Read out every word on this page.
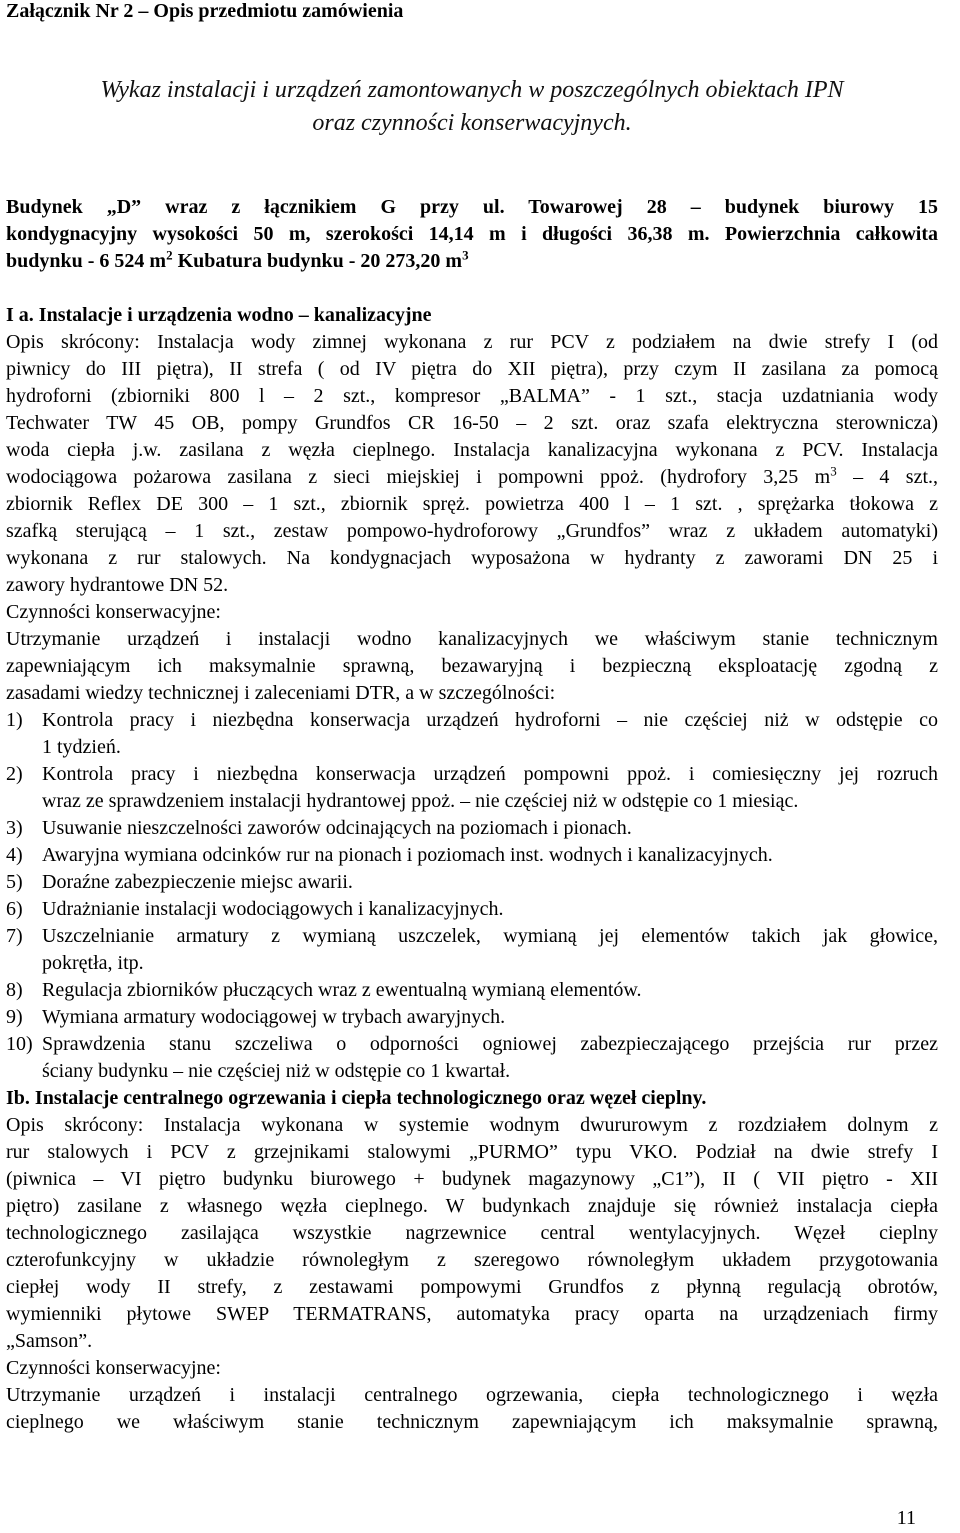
Załącznik Nr 2 – Opis przedmiotu zamówienia
Wykaz instalacji i urządzeń zamontowanych w poszczególnych obiektach IPN
oraz czynności konserwacyjnych.
Budynek „D” wraz z łącznikiem G przy ul. Towarowej 28 – budynek biurowy 15
kondygnacyjny wysokości 50 m, szerokości 14,14 m i długości 36,38 m. Powierzchnia całkowita
budynku - 6 524 $m^2$ Kubatura budynku - 20 273,20 $m^3$
I a. Instalacje i urządzenia wodno – kanalizacyjne
Opis skrócony: Instalacja wody zimnej wykonana z rur PCV z podziałem na dwie strefy I (od
piwnicy do III piętra), II strefa ( od IV piętra do XII piętra), przy czym II zasilana za pomocą
hydroforni (zbiorniki 800 l – 2 szt., kompresor „BALMA” - 1 szt., stacja uzdatniania wody
Techwater TW 45 OB, pompy Grundfos CR 16-50 – 2 szt. oraz szafa elektryczna sterownicza)
woda ciepła j.w. zasilana z węzła cieplnego. Instalacja kanalizacyjna wykonana z PCV. Instalacja
wodociągowa pożarowa zasilana z sieci miejskiej i pompowni ppoż. (hydrofory 3,25 $m^3 - 4$ szt.,
zbiornik Reflex DE 300 – 1 szt., zbiornik spręż. powietrza 400 l – 1 szt. , sprężarka tłokowa z
szafką sterującą – 1 szt., zestaw pompowo-hydroforowy „Grundfos” wraz z układem automatyki)
wykonana z rur stalowych. Na kondygnacjach wyposażona w hydranty z zaworami DN 25 i
zawory hydrantowe DN 52.
Czynności konserwacyjne:
Utrzymanie urządzeń i instalacji wodno kanalizacyjnych we właściwym stanie technicznym
zapewniającym ich maksymalnie sprawną, bezawaryjną i bezpieczną eksploatację zgodną z
zasadami wiedzy technicznej i zaleceniami DTR, a w szczególności:
1) Kontrola pracy i niezbędna konserwacja urządzeń hydroforni – nie częściej niż w odstępie co
1 tydzień.
2) Kontrola pracy i niezbędna konserwacja urządzeń pompowni ppoż. i comiesięczny jej rozruch
wraz ze sprawdzeniem instalacji hydrantowej ppoż. – nie częściej niż w odstępie co 1 miesiąc.
3) Usuwanie nieszczelności zaworów odcinających na poziomach i pionach.
4) Awaryjna wymiana odcinków rur na pionach i poziomach inst. wodnych i kanalizacyjnych.
5) Doraźne zabezpieczenie miejsc awarii.
6) Udrażnianie instalacji wodociągowych i kanalizacyjnych.
7) Uszczelnianie armatury z wymianą uszczelek, wymianą jej elementów takich jak głowice,
pokrętła, itp.
8) Regulacja zbiorników płuczących wraz z ewentualną wymianą elementów.
9) Wymiana armatury wodociągowej w trybach awaryjnych.
10) Sprawdzenia stanu szczeliwa o odporności ogniowej zabezpieczającego przejścia rur przez
ściany budynku – nie częściej niż w odstępie co 1 kwartał.
Ib. Instalacje centralnego ogrzewania i ciepła technologicznego oraz węzeł cieplny.
Opis skrócony: Instalacja wykonana w systemie wodnym dwururowym z rozdziałem dolnym z
rur stalowych i PCV z grzejnikami stalowymi „PURMO” typu VKO. Podział na dwie strefy I
(piwnica – VI piętro budynku biurowego + budynek magazynowy „C1”), II ( VII piętro - XII
piętro) zasilane z własnego węzła cieplnego. W budynkach znajduje się również instalacja ciepła
technologicznego zasilająca wszystkie nagrzewnice central wentylacyjnych. Węzeł cieplny
czterofunkcyjny w układzie równoległym z szeregowo równoległym układem przygotowania
ciepłej wody II strefy, z zestawami pompowymi Grundfos z płynną regulacją obrotów,
wymienniki płytowe SWEP TERMATRANS, automatyka pracy oparta na urządzeniach firmy
„Samson”.
Czynności konserwacyjne:
Utrzymanie urządzeń i instalacji centralnego ogrzewania, ciepła technologicznego i węzła
cieplnego we właściwym stanie technicznym zapewniającym ich maksymalnie sprawną,
11
